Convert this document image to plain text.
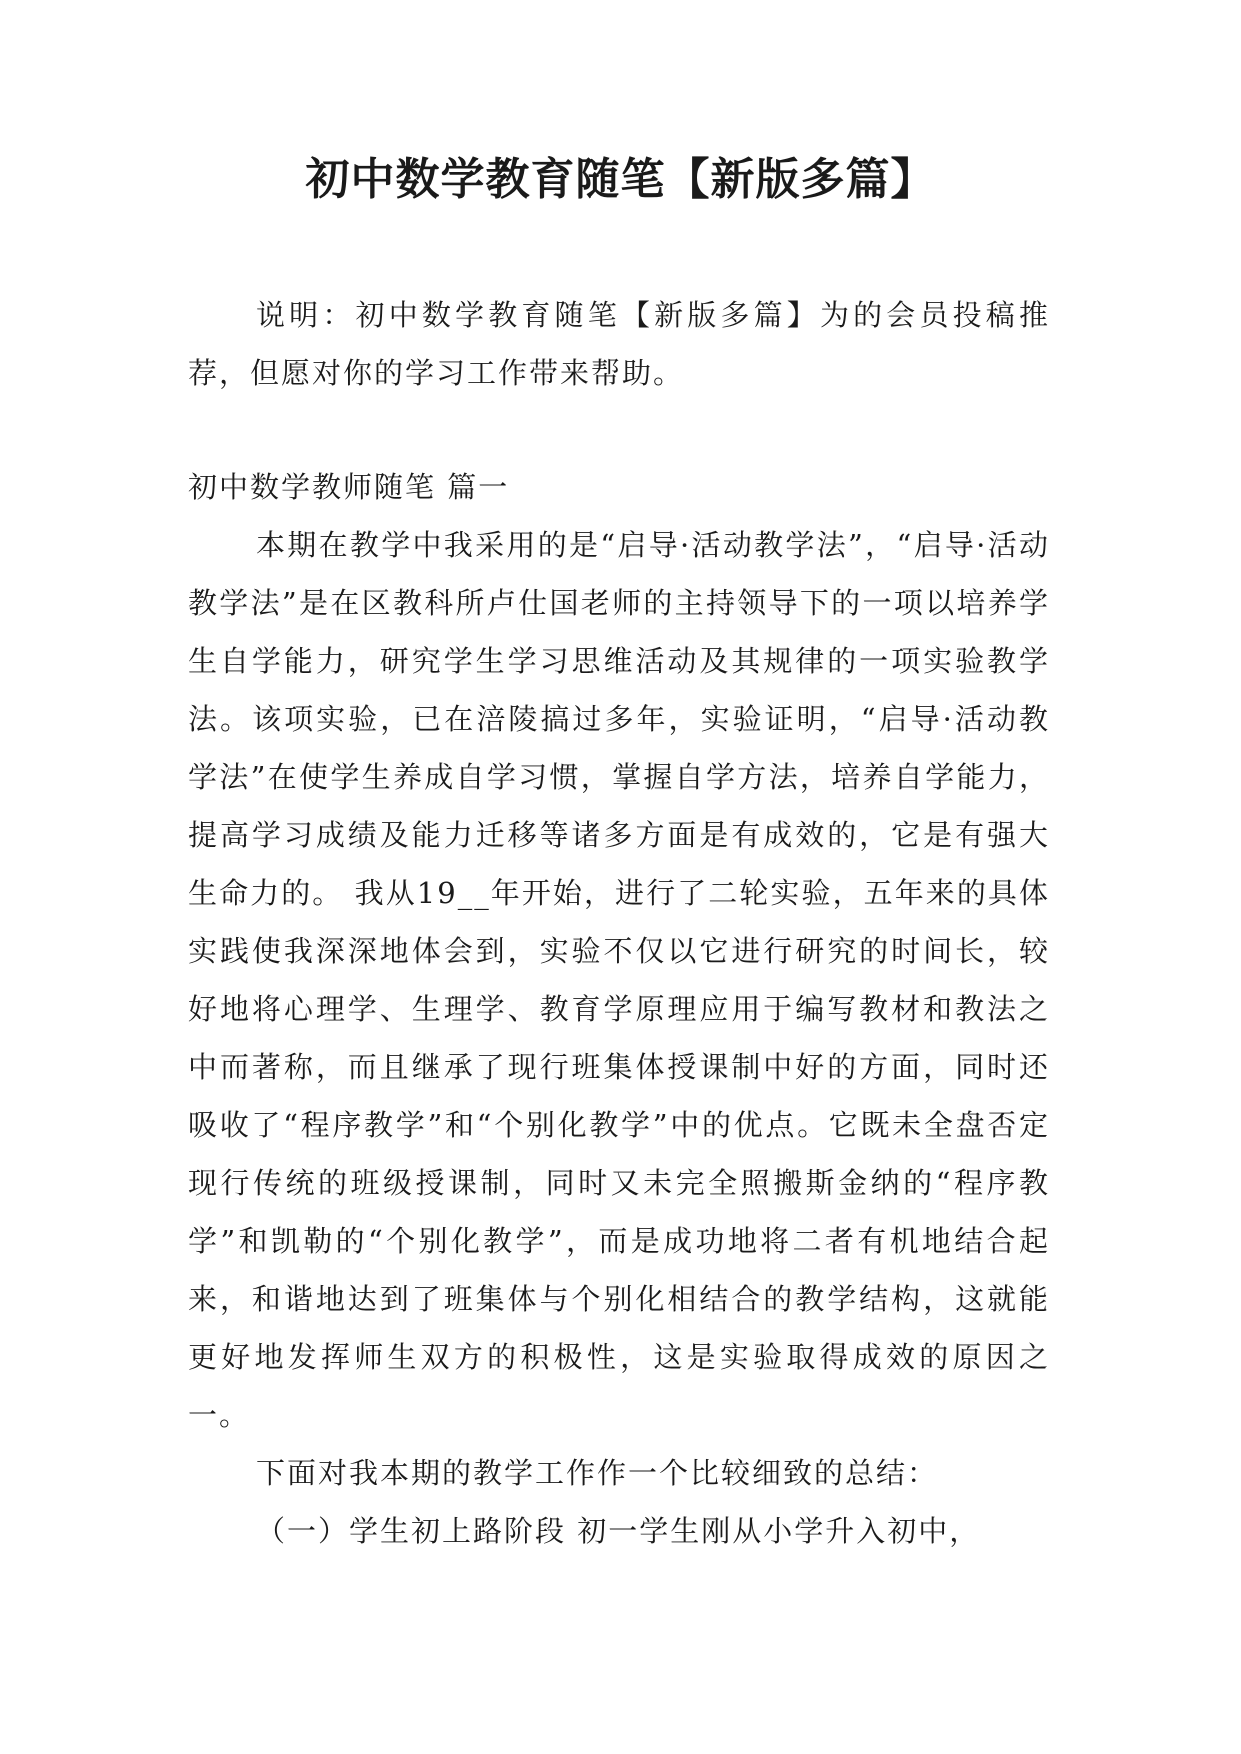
初中数学教育随笔【新版多篇】

说明：初中数学教育随笔【新版多篇】为的会员投稿推荐，但愿对你的学习工作带来帮助。

初中数学教师随笔 篇一

本期在教学中我采用的是“启导·活动教学法”，“启导·活动教学法”是在区教科所卢仕国老师的主持领导下的一项以培养学生自学能力，研究学生学习思维活动及其规律的一项实验教学法。该项实验，已在涪陵搞过多年，实验证明，“启导·活动教学法”在使学生养成自学习惯，掌握自学方法，培养自学能力，提高学习成绩及能力迁移等诸多方面是有成效的，它是有强大生命力的。 我从19__年开始，进行了二轮实验，五年来的具体实践使我深深地体会到，实验不仅以它进行研究的时间长，较好地将心理学、生理学、教育学原理应用于编写教材和教法之中而著称，而且继承了现行班集体授课制中好的方面，同时还吸收了“程序教学”和“个别化教学”中的优点。它既未全盘否定现行传统的班级授课制，同时又未完全照搬斯金纳的“程序教学”和凯勒的“个别化教学”，而是成功地将二者有机地结合起来，和谐地达到了班集体与个别化相结合的教学结构，这就能更好地发挥师生双方的积极性，这是实验取得成效的原因之一。

下面对我本期的教学工作作一个比较细致的总结：

（一）学生初上路阶段 初一学生刚从小学升入初中，
